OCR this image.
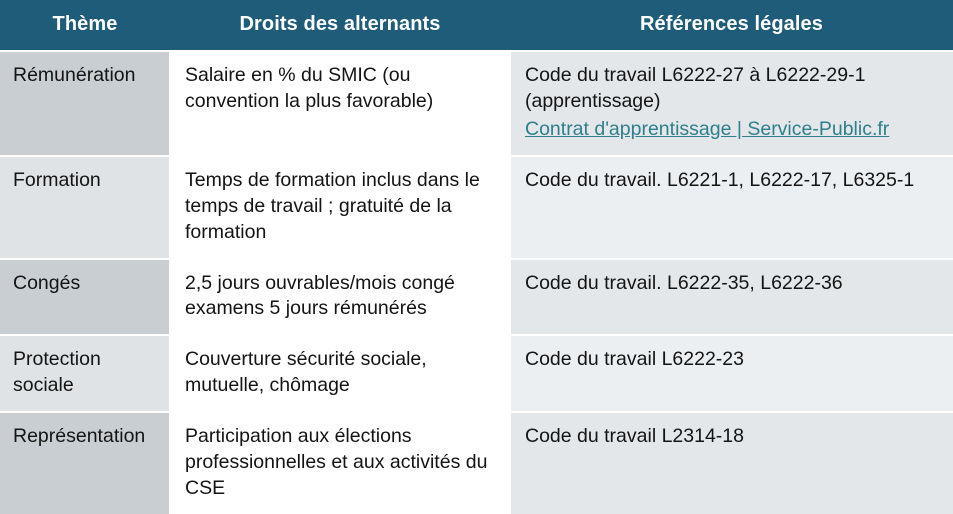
Thème	Droits des alternants	Références légales
Rémunération	Salaire en % du SMIC (ou convention la plus favorable)	Code du travail L6222-27 à L6222-29-1
(apprentissage)
Contrat d'apprentissage | Service-Public.fr

Formation	Temps de formation inclus dans le temps de travail ; gratuité de la formation	Code du travail. L6221-1, L6222-17, L6325-1

Congés	2,5 jours ouvrables/mois congé examens 5 jours rémunérés	Code du travail. L6222-35, L6222-36

Protection sociale	Couverture sécurité sociale, mutuelle, chômage	Code du travail L6222-23

Représentation	Participation aux élections professionnelles et aux activités du CSE	Code du travail L2314-18
